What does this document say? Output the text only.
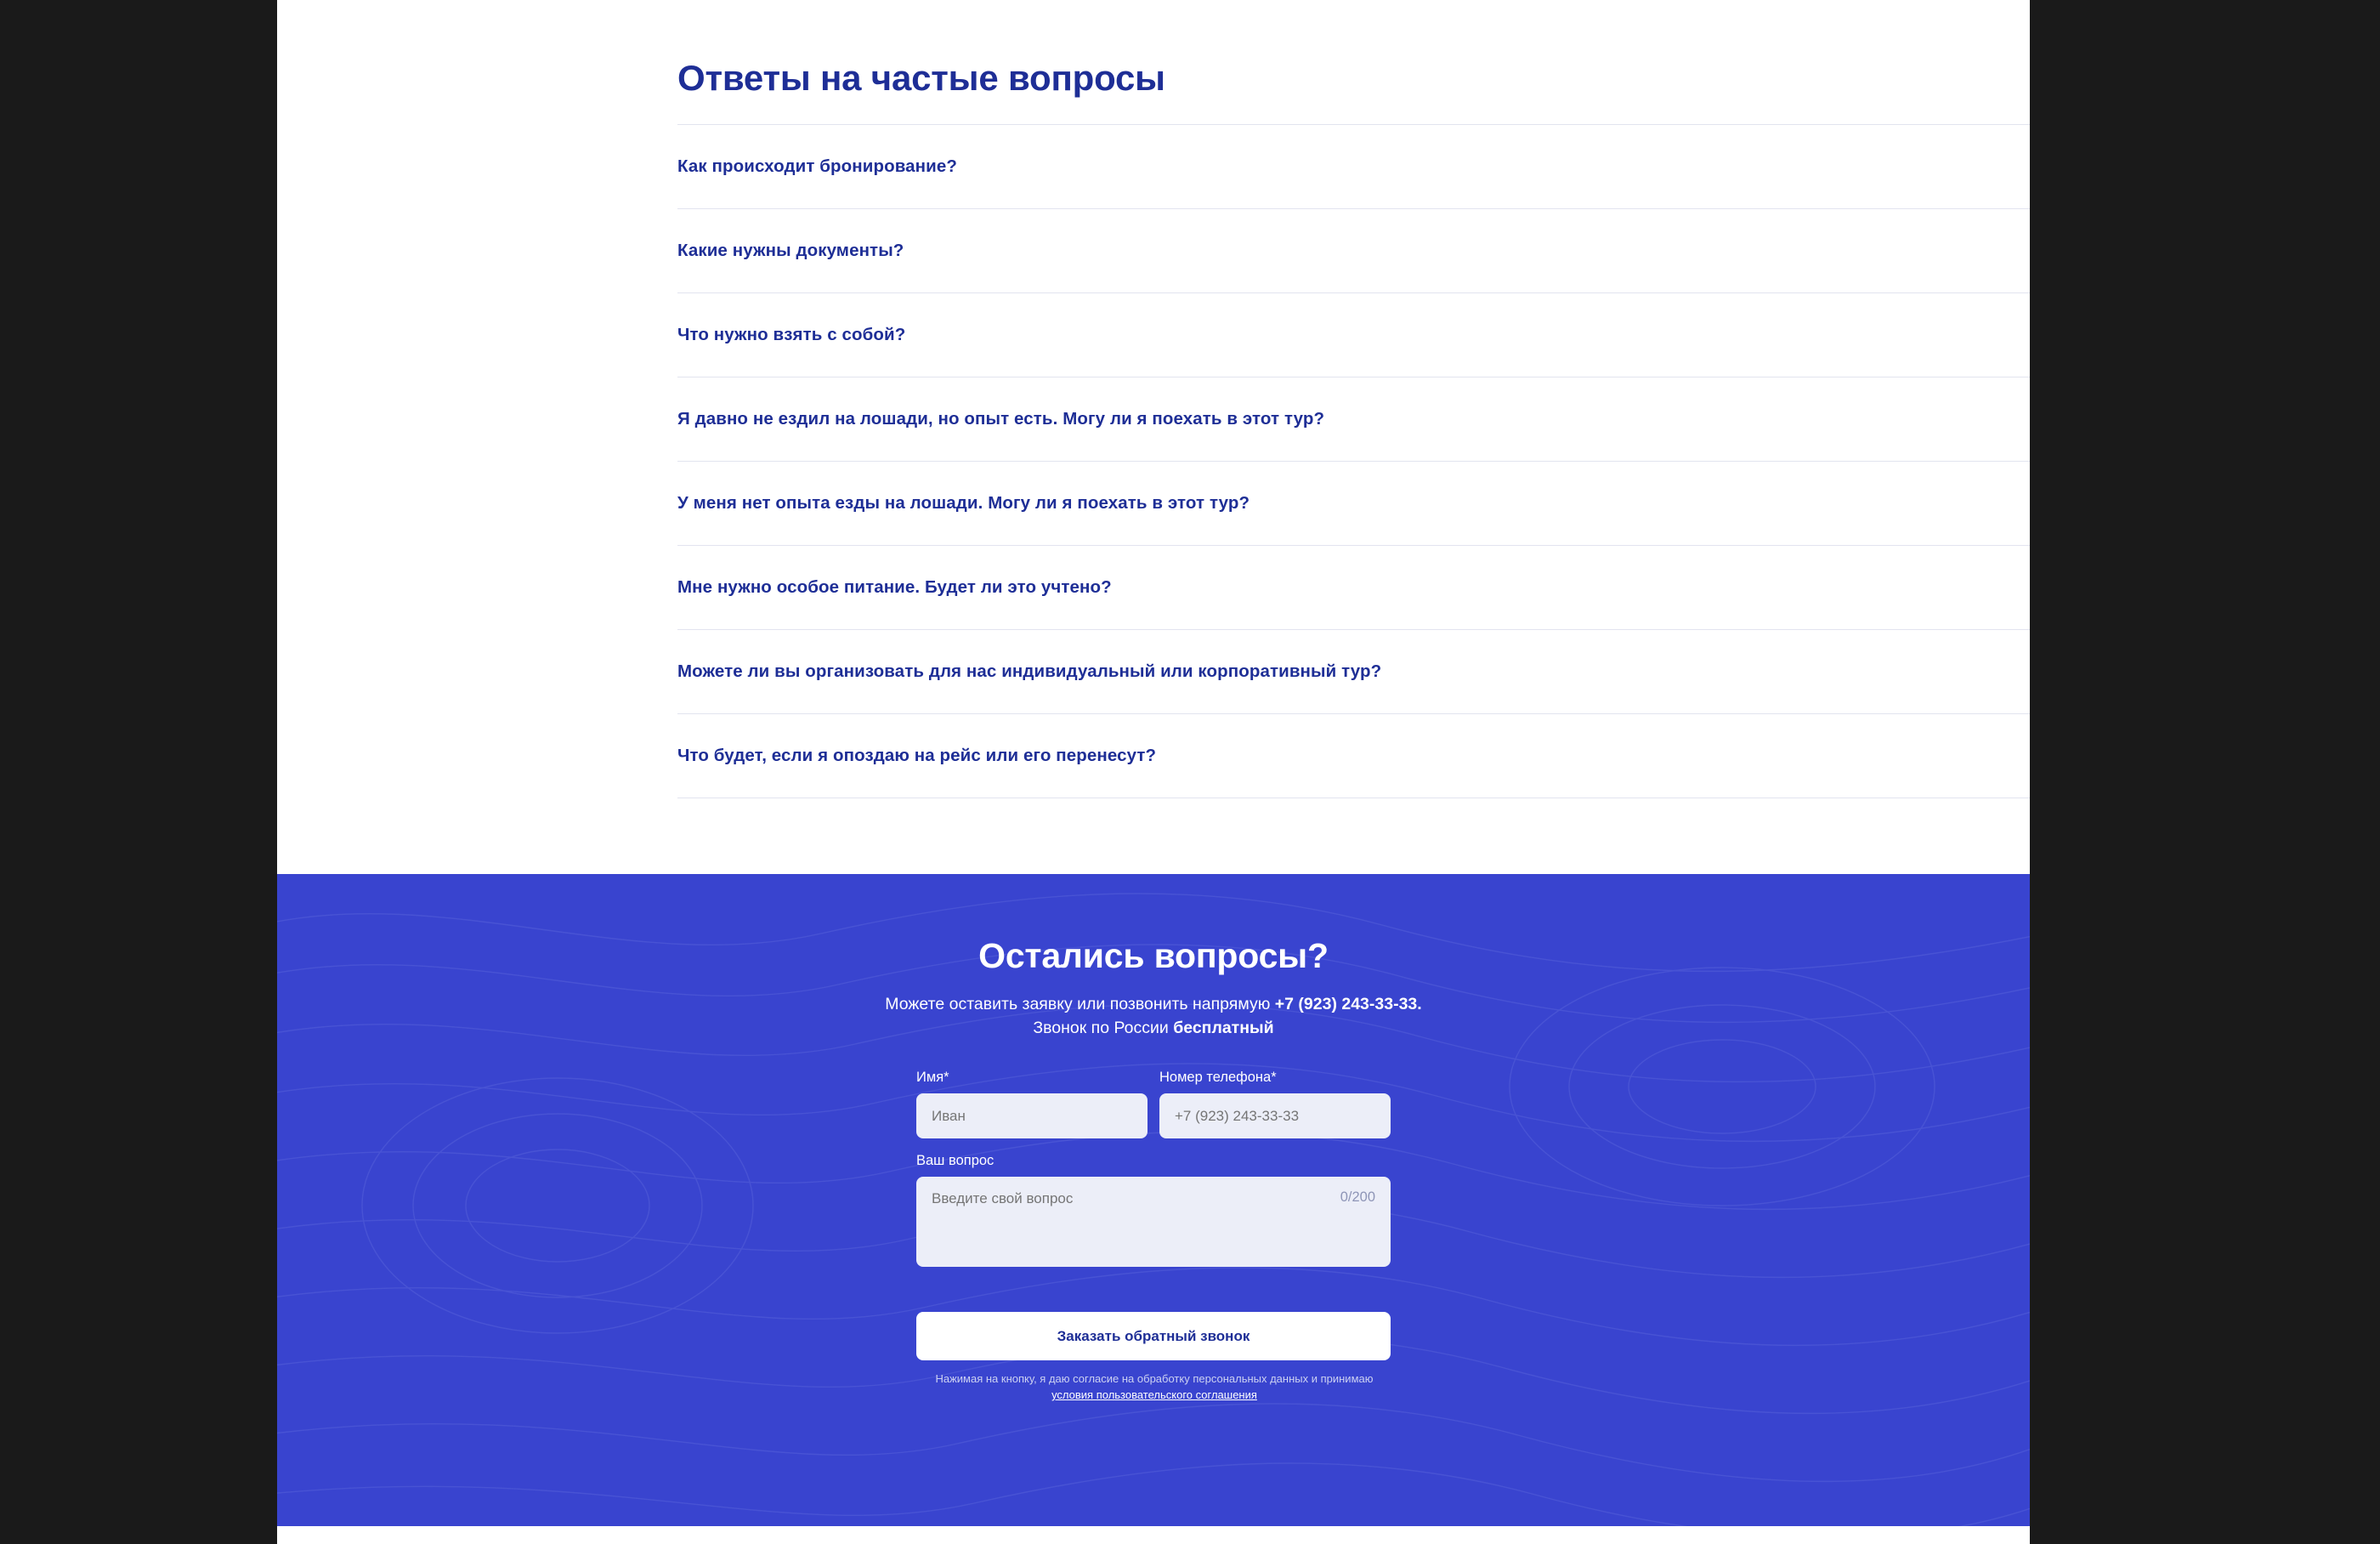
Ответы на частые вопросы
Как происходит бронирование?
Какие нужны документы?
Что нужно взять с собой?
Я давно не ездил на лошади, но опыт есть. Могу ли я поехать в этот тур?
У меня нет опыта езды на лошади. Могу ли я поехать в этот тур?
Мне нужно особое питание. Будет ли это учтено?
Можете ли вы организовать для нас индивидуальный или корпоративный тур?
Что будет, если я опоздаю на рейс или его перенесут?
Остались вопросы?

Можете оставить заявку или позвонить напрямую +7 (923) 243-33-33.
Звонок по России бесплатный

Имя*
Иван	Номер телефона*
+7 (923) 243-33-33
Ваш вопрос
Введите свой вопрос
0/200
Заказать обратный звонок

Нажимая на кнопку, я даю согласие на обработку персональных данных и принимаю условия пользовательского соглашения
